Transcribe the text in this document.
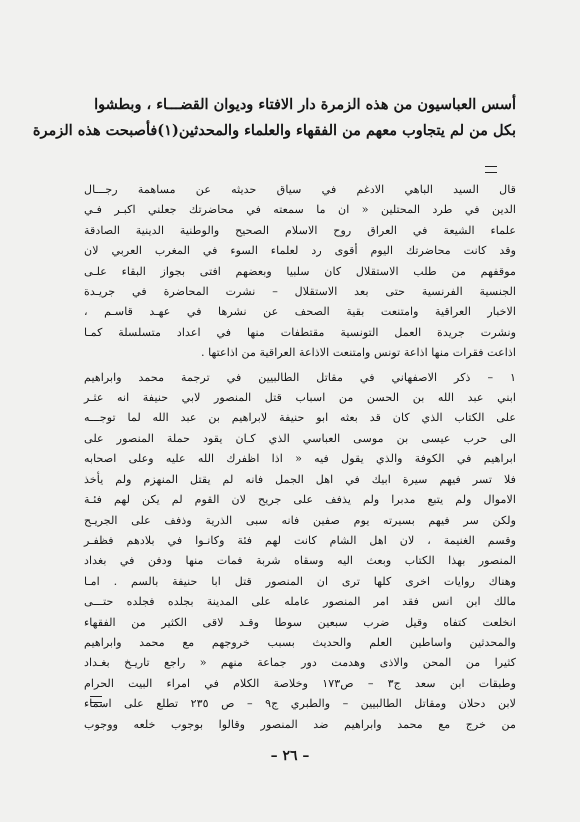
أسس العباسيون من هذه الزمرة دار الافتاء وديوان القضـــاء ، وبطشوا
بكل من لم يتجاوب معهم من الفقهاء والعلماء والمحدثين(١)فأصبحت هذه الزمرة
قال السيد الباهي الادغم في سياق حديثه عن مساهمة رجـــال
الدين في طرد المحتلين « ان ما سمعته في محاضرتك جعلني اكبـر فـي
علماء الشيعة في العراق روح الاسلام الصحيح والوطنية الدينية الصادقة
وقد كانت محاضرتك اليوم أقوى رد لعلماء السوء في المغرب العربي لان
موقفهم من طلب الاستقلال كان سلبيا وبعضهم افتى بجواز البقاء علـى
الجنسية الفرنسية حتى بعد الاستقلال – نشرت المحاضرة في جريـدة
الاخبار العراقية وامتنعت بقية الصحف عن نشرها في عهـد قاسـم ،
ونشرت جريدة العمل التونسية مقتطفات منها في اعداد متسلسلة كمـا
اذاعت فقرات منها اذاعة تونس وامتنعت الاذاعة العراقية من اذاعتها .
١ – ذكر الاصفهاني في مقاتل الطالبيين في ترجمة محمد وابراهيم
ابني عبد الله بن الحسن من اسباب قتل المنصور لابي حنيفة انه عثـر
على الكتاب الذي كان قد بعثه ابو حنيفة لابراهيم بن عبد الله لما توجـــه
الى حرب عيسى بن موسى العباسي الذي كـان يقود حملة المنصور على
ابراهيم في الكوفة والذي يقول فيه « اذا اظفرك الله عليه وعلى اصحابه
فلا تسر فيهم سيرة ابيك في اهل الجمل فانه لم يقتل المنهزم ولم يأخذ
الاموال ولم يتبع مدبرا ولم يذفف على جريح لان القوم لم يكن لهم فئـة
ولكن سر فيهم بسيرته يوم صفين فانه سبى الذرية وذفف على الجريـح
وقسم الغنيمة ، لان اهل الشام كانت لهم فئة وكانـوا في بلادهم فظفـر
المنصور بهذا الكتاب وبعث اليه وسقاه شربة فمات منها ودفن في بغداد
وهناك روايات اخرى كلها ترى ان المنصور قتل ابا حنيفة بالسم . امـا
مالك ابن انس فقد امر المنصور عامله على المدينة بجلده فجلده حتـــى
انخلعت كتفاه وقيل ضرب سبعين سوطا وقـد لاقى الكثير من الفقهاء
والمحدثين واساطين العلم والحديث بسبب خروجهم مع محمد وابراهيم
كثيرا من المحن والاذى وهدمت دور جماعة منهم « راجع تاريـخ بغـداد
وطبقات ابن سعد ج٣ – ص١٧٣ وخلاصة الكلام في امراء البيت الحرام
لابن دحلان ومقاتل الطالبيين – والطبري ج٩ – ص ٢٣٥ تطلع على اسماء
من خرج مع محمد وابراهيم ضد المنصور وقالوا بوجوب خلعه ووجوب
– ٢٦ –
